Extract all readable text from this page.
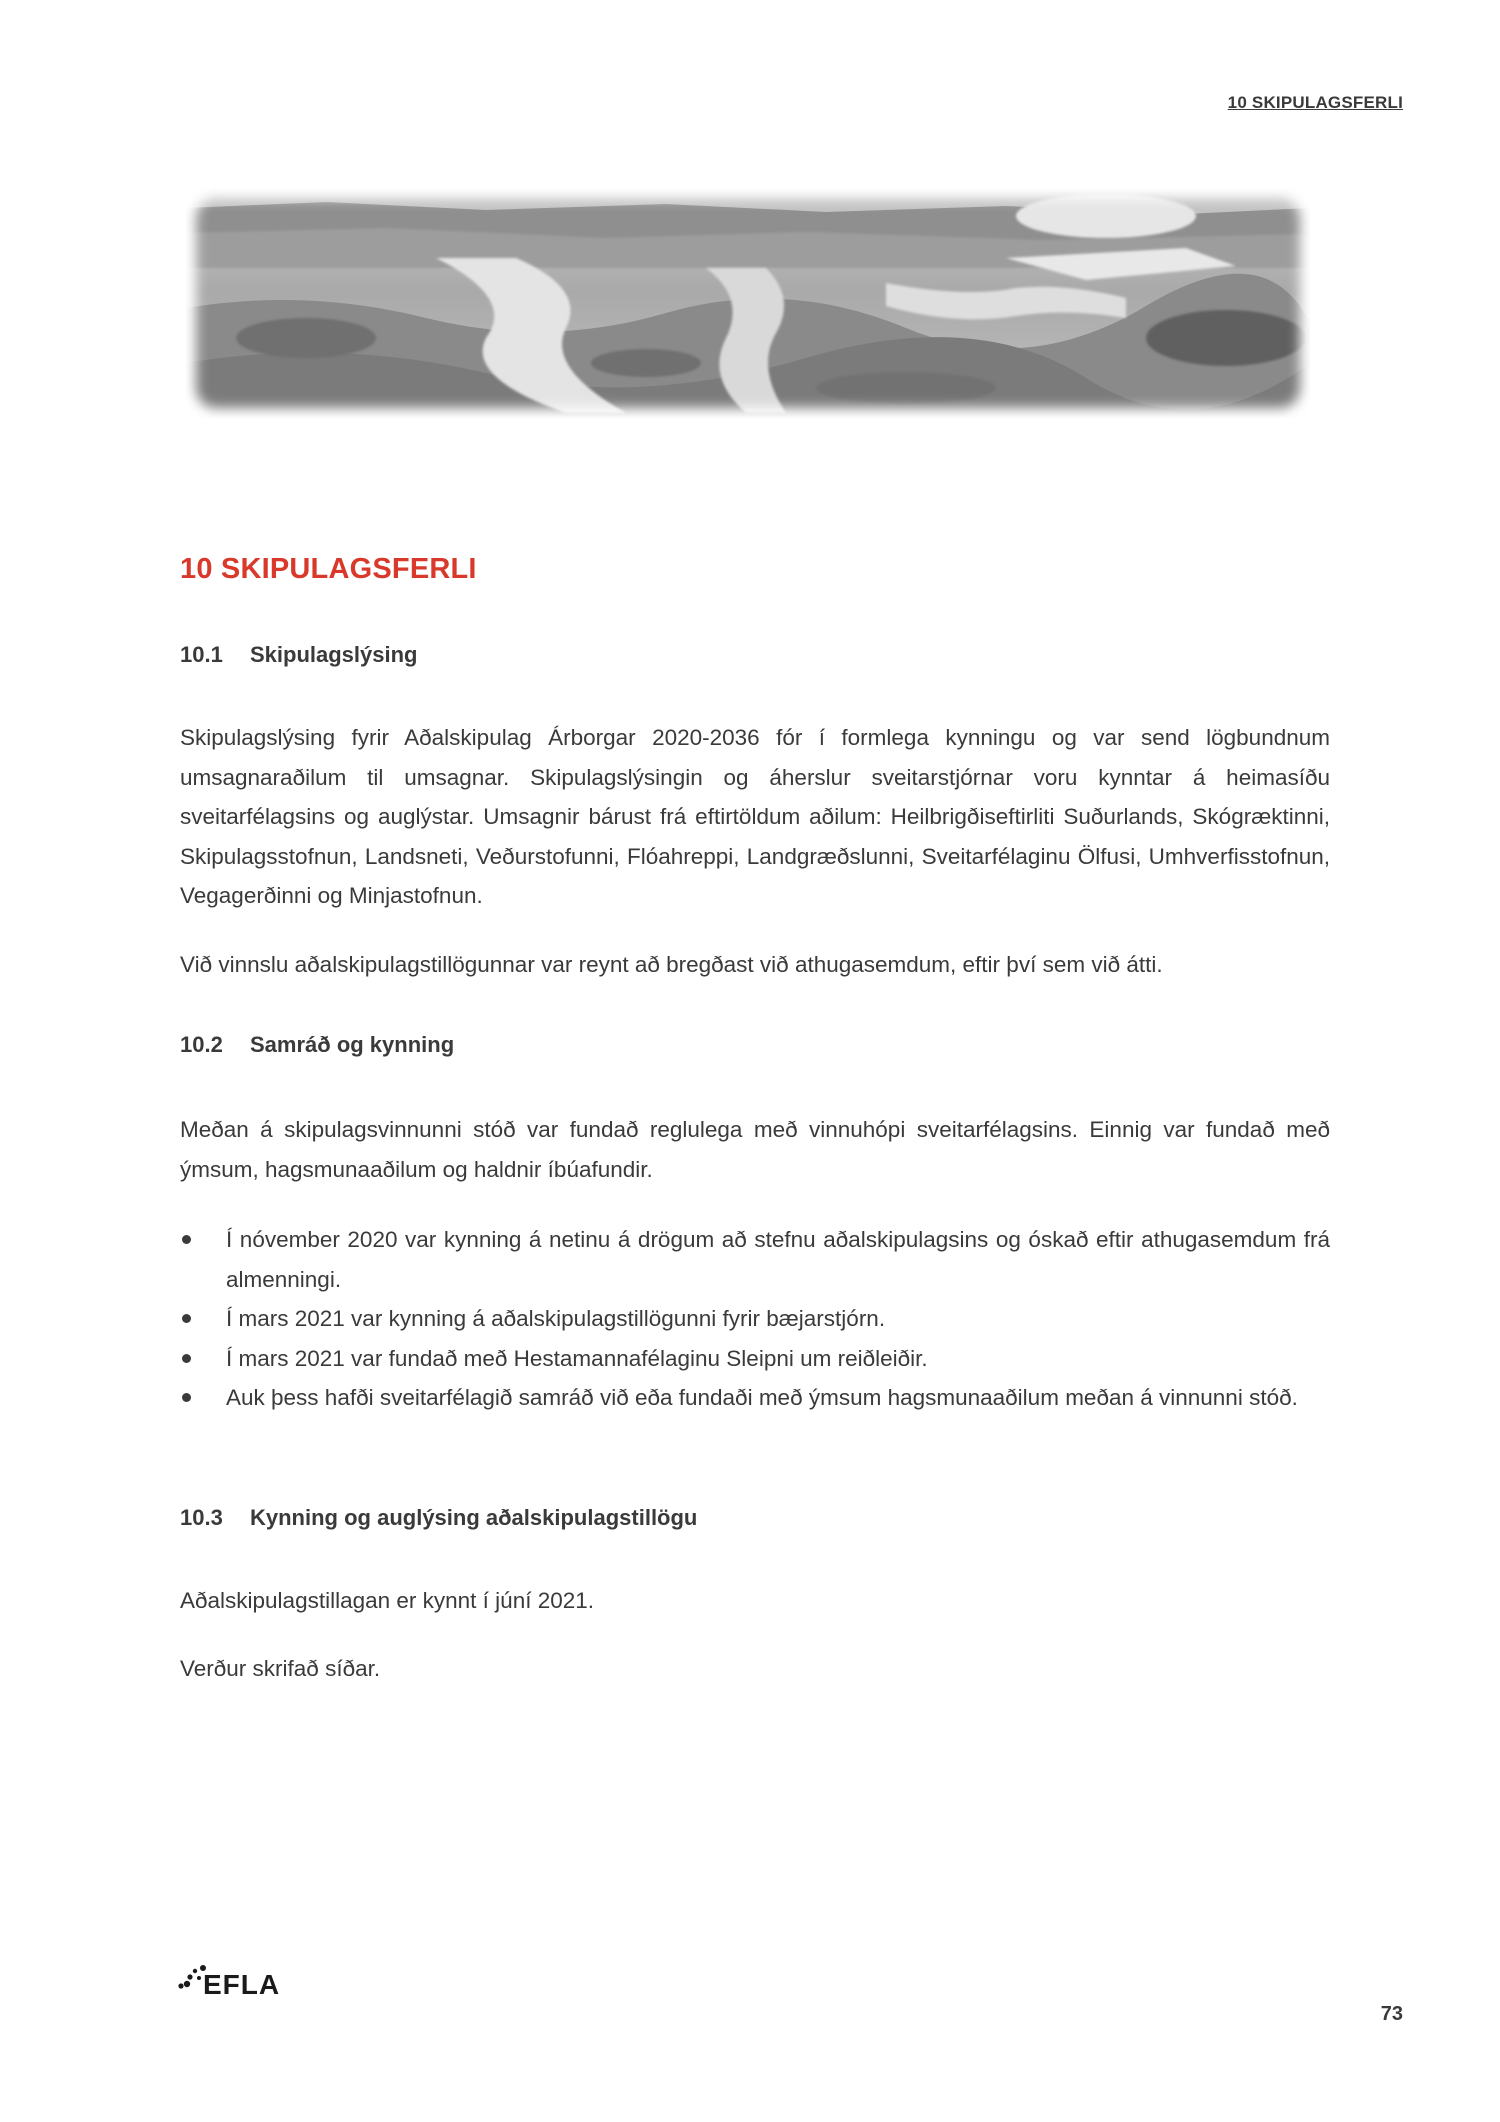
10 SKIPULAGSFERLI
10 SKIPULAGSFERLI
10.1 Skipulagslýsing

Skipulagslýsing fyrir Aðalskipulag Árborgar 2020-2036 fór í formlega kynningu og var send lögbundnum umsagnaraðilum til umsagnar. Skipulagslýsingin og áherslur sveitarstjórnar voru kynntar á heimasíðu sveitarfélagsins og auglýstar. Umsagnir bárust frá eftirtöldum aðilum: Heilbrigðiseftirliti Suðurlands, Skógræktinni, Skipulagsstofnun, Landsneti, Veðurstofunni, Flóahreppi, Landgræðslunni, Sveitarfélaginu Ölfusi, Umhverfisstofnun, Vegagerðinni og Minjastofnun.

Við vinnslu aðalskipulagstillögunnar var reynt að bregðast við athugasemdum, eftir því sem við átti.

10.2 Samráð og kynning

Meðan á skipulagsvinnunni stóð var fundað reglulega með vinnuhópi sveitarfélagsins. Einnig var fundað með ýmsum, hagsmunaaðilum og haldnir íbúafundir.

Í nóvember 2020 var kynning á netinu á drögum að stefnu aðalskipulagsins og óskað eftir athugasemdum frá almenningi.
Í mars 2021 var kynning á aðalskipulagstillögunni fyrir bæjarstjórn.
Í mars 2021 var fundað með Hestamannafélaginu Sleipni um reiðleiðir.
Auk þess hafði sveitarfélagið samráð við eða fundaði með ýmsum hagsmunaaðilum meðan á vinnunni stóð.
10.3 Kynning og auglýsing aðalskipulagstillögu

Aðalskipulagstillagan er kynnt í júní 2021.

Verður skrifað síðar.

EFLA
73
